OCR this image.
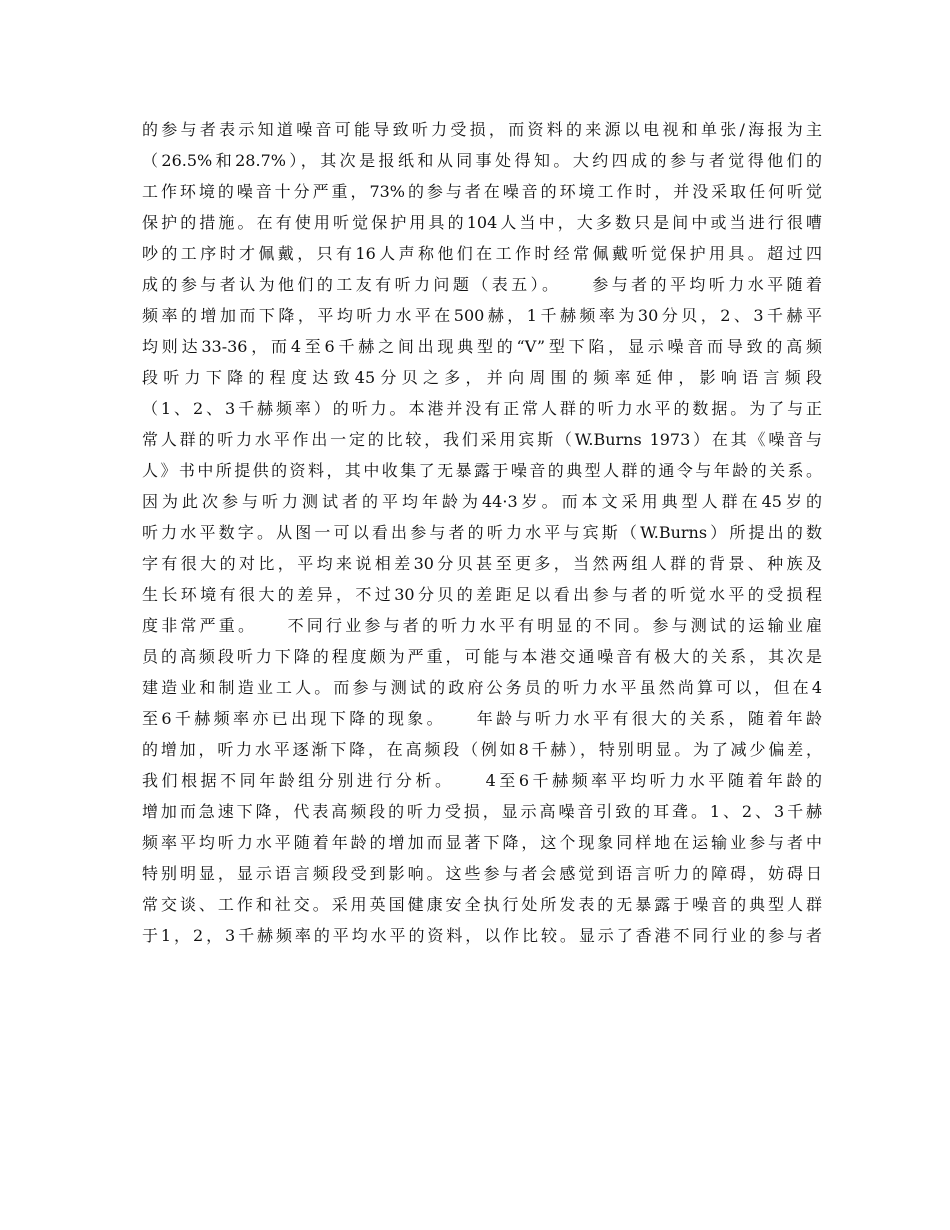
的参与者表示知道噪音可能导致听力受损，而资料的来源以电视和单张/海报为主
（26.5%和28.7%），其次是报纸和从同事处得知。大约四成的参与者觉得他们的
工作环境的噪音十分严重，73%的参与者在噪音的环境工作时，并没采取任何听觉
保护的措施。在有使用听觉保护用具的104人当中，大多数只是间中或当进行很嘈
吵的工序时才佩戴，只有16人声称他们在工作时经常佩戴听觉保护用具。超过四
成的参与者认为他们的工友有听力问题（表五）。　　参与者的平均听力水平随着
频率的增加而下降，平均听力水平在500赫，1千赫频率为30分贝，2、3千赫平
均则达33-36，而4至6千赫之间出现典型的“V”型下陷，显示噪音而导致的高频
段听力下降的程度达致45分贝之多，并向周围的频率延伸，影响语言频段
（1、2、3千赫频率）的听力。本港并没有正常人群的听力水平的数据。为了与正
常人群的听力水平作出一定的比较，我们采用宾斯（W.Burns 1973）在其《噪音与
人》书中所提供的资料，其中收集了无暴露于噪音的典型人群的通令与年龄的关系。
因为此次参与听力测试者的平均年龄为44·3岁。而本文采用典型人群在45岁的
听力水平数字。从图一可以看出参与者的听力水平与宾斯（W.Burns）所提出的数
字有很大的对比，平均来说相差30分贝甚至更多，当然两组人群的背景、种族及
生长环境有很大的差异，不过30分贝的差距足以看出参与者的听觉水平的受损程
度非常严重。　　不同行业参与者的听力水平有明显的不同。参与测试的运输业雇
员的高频段听力下降的程度颇为严重，可能与本港交通噪音有极大的关系，其次是
建造业和制造业工人。而参与测试的政府公务员的听力水平虽然尚算可以，但在4
至6千赫频率亦已出现下降的现象。　　年龄与听力水平有很大的关系，随着年龄
的增加，听力水平逐渐下降，在高频段（例如8千赫），特别明显。为了减少偏差，
我们根据不同年龄组分别进行分析。　　4至6千赫频率平均听力水平随着年龄的
增加而急速下降，代表高频段的听力受损，显示高噪音引致的耳聋。1、2、3千赫
频率平均听力水平随着年龄的增加而显著下降，这个现象同样地在运输业参与者中
特别明显，显示语言频段受到影响。这些参与者会感觉到语言听力的障碍，妨碍日
常交谈、工作和社交。采用英国健康安全执行处所发表的无暴露于噪音的典型人群
于1，2，3千赫频率的平均水平的资料，以作比较。显示了香港不同行业的参与者
